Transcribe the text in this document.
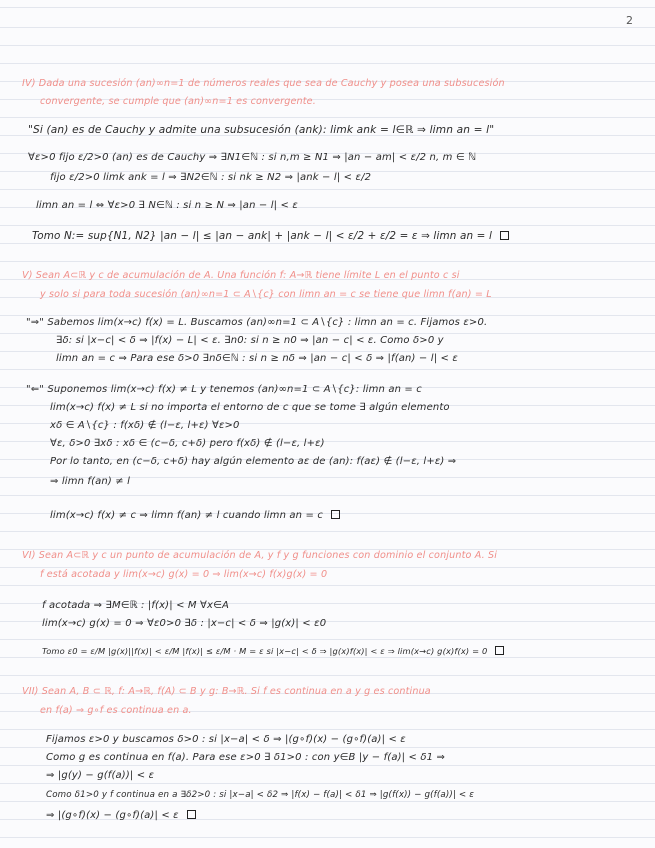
2
IV) Dada una sucesión (an)∞n=1 de números reales que sea de Cauchy y posea una subsucesión
convergente, se cumple que (an)∞n=1 es convergente.
"Si (an) es de Cauchy y admite una subsucesión (ank): limk ank = l∈ℝ ⇒ limn an = l"
∀ε>0 fijo ε/2>0 (an) es de Cauchy ⇒ ∃N1∈ℕ : si n,m ≥ N1 ⇒ |an − am| < ε/2 n, m ∈ ℕ
fijo ε/2>0 limk ank = l ⇒ ∃N2∈ℕ : si nk ≥ N2 ⇒ |ank − l| < ε/2
limn an = l ⇔ ∀ε>0 ∃ N∈ℕ : si n ≥ N ⇒ |an − l| < ε
Tomo N:= sup{N1, N2} |an − l| ≤ |an − ank| + |ank − l| < ε/2 + ε/2 = ε ⇒ limn an = l
V) Sean A⊂ℝ y c de acumulación de A. Una función f: A→ℝ tiene límite L en el punto c si
y solo si para toda sucesión (an)∞n=1 ⊂ A∖{c} con limn an = c se tiene que limn f(an) = L
"⇒" Sabemos lim(x→c) f(x) = L. Buscamos (an)∞n=1 ⊂ A∖{c} : limn an = c. Fijamos ε>0.
∃δ: si |x−c| < δ ⇒ |f(x) − L| < ε. ∃n0: si n ≥ n0 ⇒ |an − c| < ε. Como δ>0 y
limn an = c ⇒ Para ese δ>0 ∃nδ∈ℕ : si n ≥ nδ ⇒ |an − c| < δ ⇒ |f(an) − l| < ε
"⇐" Suponemos lim(x→c) f(x) ≠ L y tenemos (an)∞n=1 ⊂ A∖{c}: limn an = c
lim(x→c) f(x) ≠ L si no importa el entorno de c que se tome ∃ algún elemento
xδ ∈ A∖{c} : f(xδ) ∉ (l−ε, l+ε) ∀ε>0
∀ε, δ>0 ∃xδ : xδ ∈ (c−δ, c+δ) pero f(xδ) ∉ (l−ε, l+ε)
Por lo tanto, en (c−δ, c+δ) hay algún elemento aε de (an): f(aε) ∉ (l−ε, l+ε) ⇒
⇒ limn f(an) ≠ l
lim(x→c) f(x) ≠ c ⇒ limn f(an) ≠ l cuando limn an = c
VI) Sean A⊂ℝ y c un punto de acumulación de A, y f y g funciones con dominio el conjunto A. Si
f está acotada y lim(x→c) g(x) = 0 ⇒ lim(x→c) f(x)g(x) = 0
f acotada ⇒ ∃M∈ℝ : |f(x)| < M ∀x∈A
lim(x→c) g(x) = 0 ⇒ ∀ε0>0 ∃δ : |x−c| < δ ⇒ |g(x)| < ε0
Tomo ε0 = ε/M |g(x)||f(x)| < ε/M |f(x)| ≤ ε/M · M = ε si |x−c| < δ ⇒ |g(x)f(x)| < ε ⇒ lim(x→c) g(x)f(x) = 0
VII) Sean A, B ⊂ ℝ, f: A→ℝ, f(A) ⊂ B y g: B→ℝ. Si f es continua en a y g es continua
en f(a) ⇒ g∘f es continua en a.
Fijamos ε>0 y buscamos δ>0 : si |x−a| < δ ⇒ |(g∘f)(x) − (g∘f)(a)| < ε
Como g es continua en f(a). Para ese ε>0 ∃ δ1>0 : con y∈B |y − f(a)| < δ1 ⇒
⇒ |g(y) − g(f(a))| < ε
Como δ1>0 y f continua en a ∃δ2>0 : si |x−a| < δ2 ⇒ |f(x) − f(a)| < δ1 ⇒ |g(f(x)) − g(f(a))| < ε
⇒ |(g∘f)(x) − (g∘f)(a)| < ε
